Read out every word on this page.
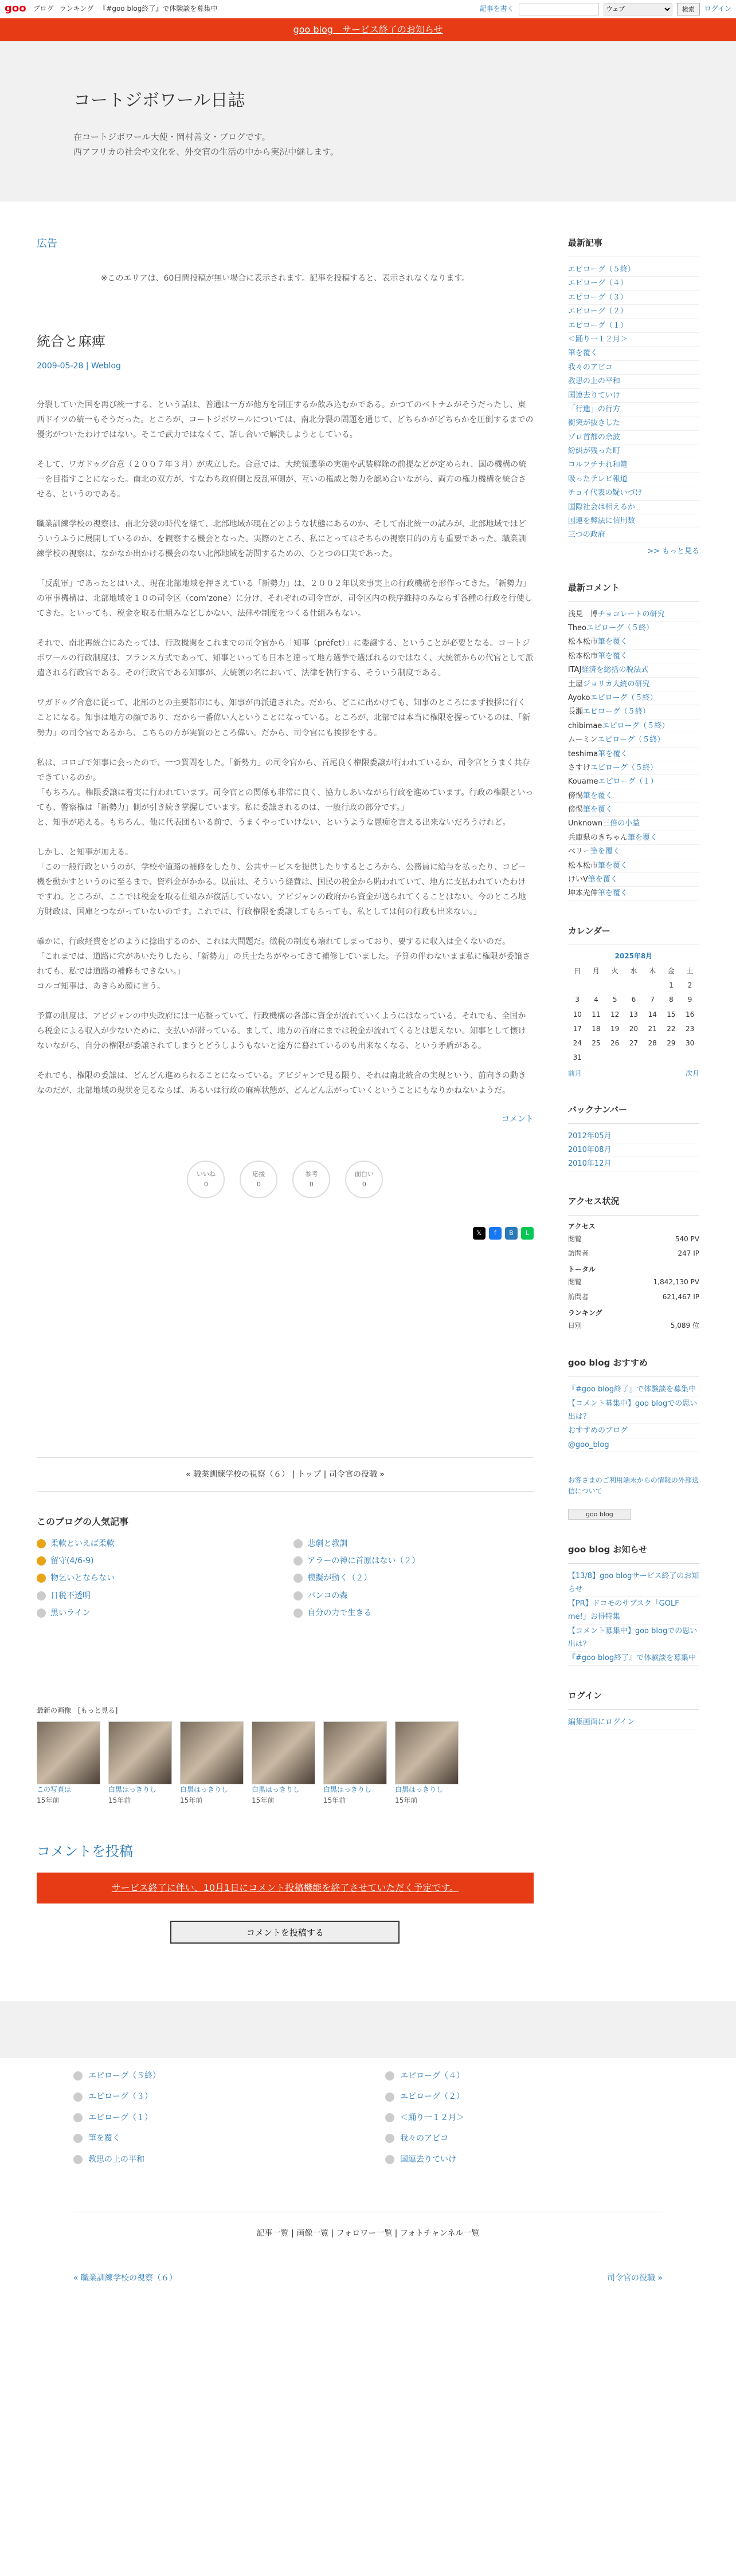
goo ブログ ランキング 『#goo blog終了』で体験談を募集中	記事を書く
ウェブ	検索	ログイン
goo blog　サービス終了のお知らせ
コートジボワール日誌

在コートジボワール大使・岡村善文・ブログです。

西アフリカの社会や文化を、外交官の生活の中から実況中継します。

広告
※このエリアは、60日間投稿が無い場合に表示されます。記事を投稿すると、表示されなくなります。
統合と麻痺
2009-05-28 | Weblog

分裂していた国を再び統一する、という話は、普通は一方が他方を制圧するか飲み込むかである。かつてのベトナムがそうだったし、東西ドイツの統一もそうだった。ところが、コートジボワールについては、南北分裂の問題を通じて、どちらかがどちらかを圧倒するまでの優劣がついたわけではない。そこで武力ではなくて、話し合いで解決しようとしている。

そして、ワガドゥグ合意（２００７年３月）が成立した。合意では、大統領選挙の実施や武装解除の前提などが定められ、国の機構の統一を目指すことになった。南北の双方が、すなわち政府側と反乱軍側が、互いの権威と勢力を認め合いながら、両方の権力機構を統合させる、というのである。

職業訓練学校の視察は、南北分裂の時代を経て、北部地域が現在どのような状態にあるのか、そして南北統一の試みが、北部地域ではどういうふうに展開しているのか、を観察する機会となった。実際のところ、私にとってはそちらの視察目的の方も重要であった。職業訓練学校の視察は、なかなか出かける機会のない北部地域を訪問するための、ひとつの口実であった。

「反乱軍」であったとはいえ、現在北部地域を押さえている「新勢力」は、２００２年以来事実上の行政機構を形作ってきた。「新勢力」の軍事機構は、北部地域を１０の司令区（com'zone）に分け、それぞれの司令官が、司令区内の秩序維持のみならず各種の行政を行使してきた。といっても、税金を取る仕組みなどしかない、法律や制度をつくる仕組みもない。

それで、南北再統合にあたっては、行政機関をこれまでの司令官から「知事（préfet）」に委譲する、ということが必要となる。コートジボワールの行政制度は、フランス方式であって、知事といっても日本と違って地方選挙で選ばれるのではなく、大統領からの代官として派遣される行政官である。その行政官である知事が、大統領の名において、法律を執行する、そういう制度である。

ワガドゥグ合意に従って、北部のとの主要都市にも、知事が再派遣された。だから、どこに出かけても、知事のところにまず挨拶に行くことになる。知事は地方の顔であり、だから一番偉い人ということになっている。ところが、北部では本当に権限を握っているのは、「新勢力」の司令官であるから、こちらの方が実質のところ偉い。だから、司令官にも挨拶をする。

私は、コロゴで知事に会ったので、一つ質問をした。「新勢力」の司令官から、首尾良く権限委譲が行われているか、司令官とうまく共存できているのか。
「もちろん。権限委譲は着実に行われています。司令官との関係も非常に良く、協力しあいながら行政を進めています。行政の権限といっても、警察権は「新勢力」側が引き続き掌握しています。私に委譲されるのは、一般行政の部分です。」
と、知事が応える。もちろん、他に代表団もいる前で、うまくやっていけない、というような愚痴を言える出来ないだろうけれど。

しかし、と知事が加える。
「この一般行政というのが、学校や道路の補修をしたり、公共サービスを提供したりするところから、公務員に給与を払ったり、コピー機を動かすというのに至るまで、資料金がかかる。以前は、そういう経費は、国民の税金から賄われていて、地方に支払われていたわけですね。ところが、ここでは税金を取る仕組みが復活していない。アビジャンの政府から資金が送られてくることはない。今のところ地方財政は、国庫とつながっていないのです。これでは、行政権限を委譲してもらっても、私としては何の行政も出来ない。」

確かに、行政経費をどのように捻出するのか、これは大問題だ。徴税の制度も壊れてしまっており、要するに収入は全くないのだ。
「これまでは、道路に穴があいたりしたら、「新勢力」の兵士たちがやってきて補修していました。予算の伴わないまま私に権限が委譲されても、私では道路の補修もできない。」
コルゴ知事は、あきらめ顔に言う。

予算の制度は、アビジャンの中央政府には一応整っていて、行政機構の各部に資金が流れていくようにはなっている。それでも、全国から税金による収入が少ないために、支払いが滞っている。まして、地方の首府にまでは税金が流れてくるとは思えない。知事として懐けないながら、自分の権限が委譲されてしまうとどうしようもないと途方に暮れているのも出来なくなる、という矛盾がある。

それでも、権限の委譲は、どんどん進められることになっている。アビジャンで見る限り、それは南北統合の実現という、前向きの動きなのだが、北部地域の現状を見るならば、あるいは行政の麻痺状態が、どんどん広がっていくということにもなりかねないようだ。

コメント
いいね
0
応援
0
参考
0
面白い
0
𝕏	f	B	L
« 職業訓練学校の視察（６） | トップ | 司令官の役職 »
このブログの人気記事
柔軟といえば柔軟	悲劇と教訓
留守(4/6-9)	アラーの神に首原はない（２）
物乞いとならない	模擬が動く（２）
日税不透明	バンコの森
黒いライン	自分の力で生きる
最新の画像　[もっと見る]
この写真は
15年前
白黒はっきりし
15年前
白黒はっきりし
15年前
白黒はっきりし
15年前
白黒はっきりし
15年前
白黒はっきりし
15年前
コメントを投稿
サービス終了に伴い、10月1日にコメント投稿機能を終了させていただく予定です。
コメントを投稿する
最新記事
エピローグ（５終）
エピローグ（４）
エピローグ（３）
エピローグ（２）
エピローグ（１）
＜踊り一１２月＞
筆を覆く
我々のアビコ
教思の上の平和
国連去りていけ
「行進」の行方
衝突が抜きした
ゾロ首都の余波
紛糾が残った町
コルフチナれ和篭
吸ったテレビ報道
チョイ代表の疑いづけ
国際社会は相えるか
国連を弊法に信用数
三つの政府
>> もっと見る
最新コメント
浅見　博チョコレートの研究
Theoエピローグ（５終）
松本松市筆を覆く
松本松市筆を覆く
ITAJ経済を総括の脱法式
土屋ジョリカ大統の研究
Ayokoエピローグ（５終）
長瀬エピローグ（５終）
chibimaeエピローグ（５終）
ムーミンエピローグ（５終）
teshima筆を覆く
さすけエピローグ（５終）
Kouameエピローグ（１）
傍惕筆を覆く
傍惕筆を覆く
Unknown三倍の小益
兵庫県のきちゃん筆を覆く
ベリー筆を覆く
松本松市筆を覆く
けいV筆を覆く
坤本光伸筆を覆く
カレンダー
2025年8月
日	月	火	水	木	金	土
					1	2
3	4	5	6	7	8	9
10	11	12	13	14	15	16
17	18	19	20	21	22	23
24	25	26	27	28	29	30
31						
前月	次月
バックナンバー
2012年05月
2010年08月
2010年12月
アクセス状況
アクセス
閲覧	540 PV
訪問者	247 IP
トータル
閲覧	1,842,130 PV
訪問者	621,467 IP
ランキング
日別	5,089 位
goo blog おすすめ
『#goo blog終了』で体験談を募集中
【コメント募集中】goo blogでの思い出は？
おすすめのブログ
@goo_blog

お客さまのご利用端末からの情報の外部送信について

goo blog
goo blog お知らせ
【13/8】goo blogサービス終了のお知らせ
【PR】ドコモのサブスク「GOLF me!」お得特集
【コメント募集中】goo blogでの思い出は？
『#goo blog終了』で体験談を募集中
ログイン
編集画面にログイン
エピローグ（５終）	エピローグ（４）
エピローグ（３）	エピローグ（２）
エピローグ（１）	＜踊り一１２月＞
筆を覆く	我々のアビコ
教思の上の平和	国連去りていけ
記事一覧 | 画像一覧 | フォロワー一覧 | フォトチャンネル一覧
« 職業訓練学校の視察（６）	司令官の役職 »
